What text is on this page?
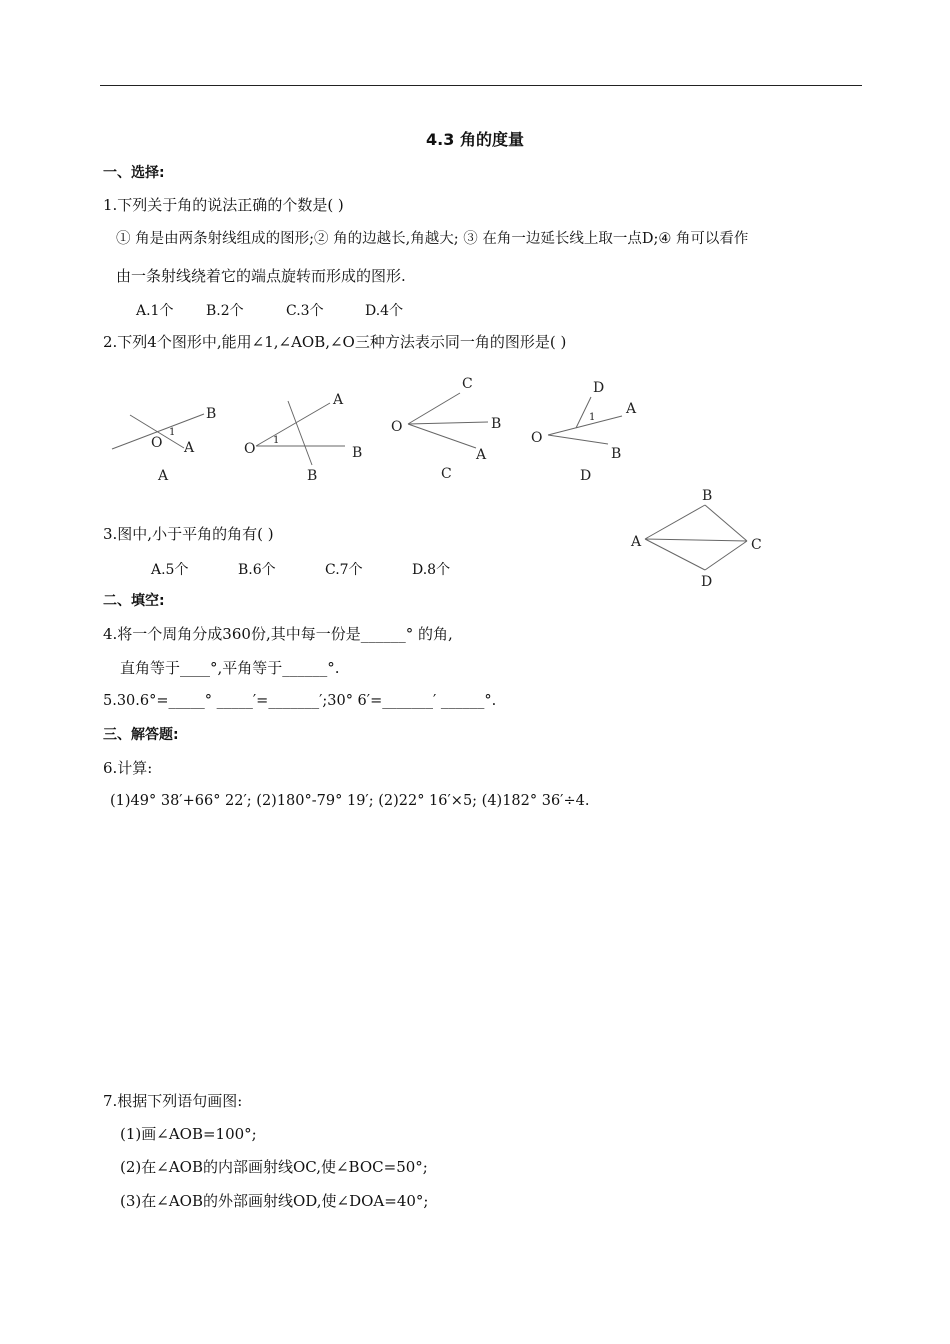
4.3 角的度量
一、选择:
1.下列关于角的说法正确的个数是( )
① 角是由两条射线组成的图形;② 角的边越长,角越大; ③ 在角一边延长线上取一点D;④ 角可以看作
由一条射线绕着它的端点旋转而形成的图形.
A.1个 B.2个	C.3个	D.4个
2.下列4个图形中,能用∠1,∠AOB,∠O三种方法表示同一角的图形是( )
B
O
1
A
A
A
O
1
B
B
C
O	B
A
C
D
A
1
O
B
D
B
A	C
D
3.图中,小于平角的角有( )
A.5个	B.6个	C.7个	D.8个
二、填空:
4.将一个周角分成360份,其中每一份是______° 的角,
直角等于____°,平角等于______°.
5.30.6°=_____° _____′=_______′;30° 6′=_______′ ______°.
三、解答题:
6.计算:
(1)49° 38′+66° 22′; (2)180°-79° 19′; (2)22° 16′×5; (4)182° 36′÷4.
7.根据下列语句画图:
(1)画∠AOB=100°;
(2)在∠AOB的内部画射线OC,使∠BOC=50°;
(3)在∠AOB的外部画射线OD,使∠DOA=40°;
